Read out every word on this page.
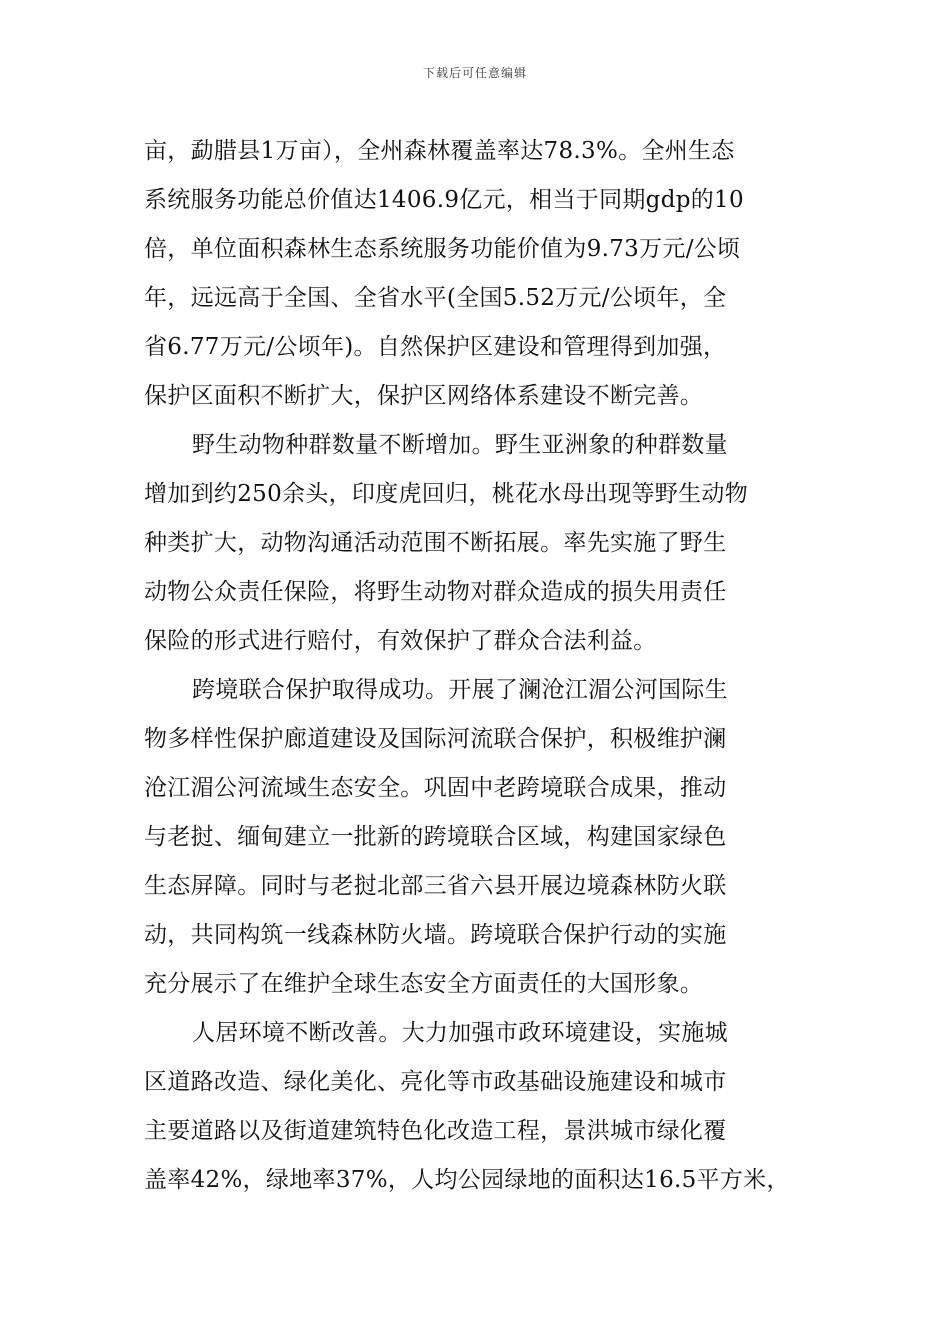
下载后可任意编辑
亩，勐腊县1万亩），全州森林覆盖率达78.3%。全州生态
系统服务功能总价值达1406.9亿元，相当于同期gdp的10
倍，单位面积森林生态系统服务功能价值为9.73万元/公顷
年，远远高于全国、全省水平(全国5.52万元/公顷年，全
省6.77万元/公顷年)。自然保护区建设和管理得到加强，
保护区面积不断扩大，保护区网络体系建设不断完善。
野生动物种群数量不断增加。野生亚洲象的种群数量
增加到约250余头，印度虎回归，桃花水母出现等野生动物
种类扩大，动物沟通活动范围不断拓展。率先实施了野生
动物公众责任保险，将野生动物对群众造成的损失用责任
保险的形式进行赔付，有效保护了群众合法利益。
跨境联合保护取得成功。开展了澜沧江湄公河国际生
物多样性保护廊道建设及国际河流联合保护，积极维护澜
沧江湄公河流域生态安全。巩固中老跨境联合成果，推动
与老挝、缅甸建立一批新的跨境联合区域，构建国家绿色
生态屏障。同时与老挝北部三省六县开展边境森林防火联
动，共同构筑一线森林防火墙。跨境联合保护行动的实施
充分展示了在维护全球生态安全方面责任的大国形象。
人居环境不断改善。大力加强市政环境建设，实施城
区道路改造、绿化美化、亮化等市政基础设施建设和城市
主要道路以及街道建筑特色化改造工程，景洪城市绿化覆
盖率42%，绿地率37%，人均公园绿地的面积达16.5平方米，
